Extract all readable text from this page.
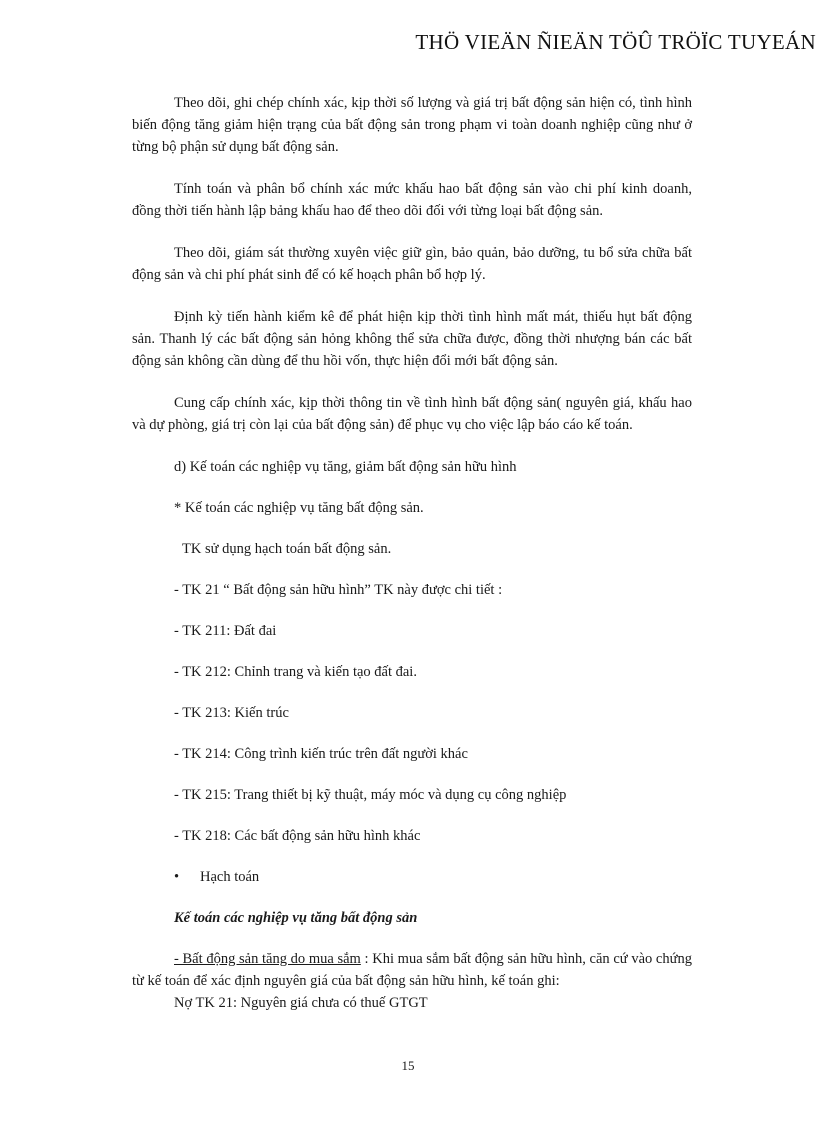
THÖ VIEÄN ÑIEÄN TÖÛ TRÖÏC TUYEÁN

Theo dõi, ghi chép chính xác, kịp thời số lượng và giá trị bất động sản hiện có, tình hình biến động tăng giảm hiện trạng của bất động sản trong phạm vi toàn doanh nghiệp cũng như ở từng bộ phận sử dụng bất động sản.

Tính toán và phân bổ chính xác mức khấu hao bất động sản vào chi phí kinh doanh, đồng thời tiến hành lập bảng khấu hao để theo dõi đối với từng loại bất động sản.

Theo dõi, giám sát thường xuyên việc giữ gìn, bảo quản, bảo dưỡng, tu bổ sửa chữa bất động sản và chi phí phát sinh để có kế hoạch phân bổ hợp lý.

Định kỳ tiến hành kiểm kê để phát hiện kịp thời tình hình mất mát, thiếu hụt bất động sản. Thanh lý các bất động sản hỏng không thể sửa chữa được, đồng thời nhượng bán các bất động sản không cần dùng để thu hồi vốn, thực hiện đổi mới bất động sản.

Cung cấp chính xác, kịp thời thông tin về tình hình bất động sản( nguyên giá, khấu hao và dự phòng, giá trị còn lại của bất động sản) để phục vụ cho việc lập báo cáo kế toán.

d) Kế toán các nghiệp vụ tăng, giảm bất động sản hữu hình
* Kế toán các nghiệp vụ tăng bất động sản.
TK sử dụng hạch toán bất động sản.
- TK 21 “ Bất động sản hữu hình” TK này được chi tiết :
- TK 211: Đất đai
- TK 212: Chỉnh trang và kiến tạo đất đai.
- TK 213: Kiến trúc
- TK 214: Công trình kiến trúc trên đất người khác
- TK 215: Trang thiết bị kỹ thuật, máy móc và dụng cụ công nghiệp
- TK 218: Các bất động sản hữu hình khác
• Hạch toán
Kế toán các nghiệp vụ tăng bất động sản

- Bất động sản tăng do mua sắm : Khi mua sắm bất động sản hữu hình, căn cứ vào chứng từ kế toán để xác định nguyên giá của bất động sản hữu hình, kế toán ghi:

Nợ TK 21: Nguyên giá chưa có thuế GTGT

15
